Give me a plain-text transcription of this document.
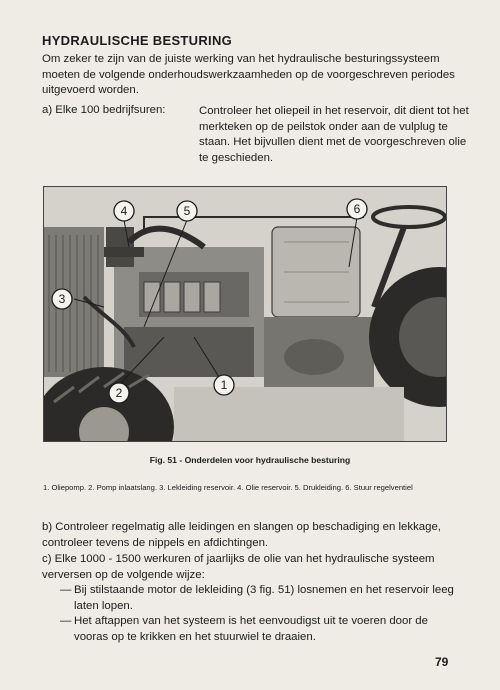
HYDRAULISCHE BESTURING
Om zeker te zijn van de juiste werking van het hydraulische besturingssysteem moeten de volgende onderhoudswerkzaamheden op de voorgeschreven periodes uitgevoerd worden.
a) Elke 100 bedrijfsuren:	Controleer het oliepeil in het reservoir, dit dient tot het merkteken op de peilstok onder aan de vulplug te staan. Het bijvullen dient met de voorgeschreven olie te geschieden.
1
2
3
4	5	6
Fig. 51 - Onderdelen voor hydraulische besturing
1. Oliepomp. 2. Pomp inlaatslang. 3. Lekleiding reservoir. 4. Olie reservoir. 5. Drukleiding. 6. Stuur regelventiel
b) Controleer regelmatig alle leidingen en slangen op beschadiging en lekkage, controleer tevens de nippels en afdichtingen.
c) Elke 1000 - 1500 werkuren of jaarlijks de olie van het hydraulische systeem verversen op de volgende wijze:
— Bij stilstaande motor de lekleiding (3 fig. 51) losnemen en het reservoir leeg laten lopen.
— Het aftappen van het systeem is het eenvoudigst uit te voeren door de vooras op te krikken en het stuurwiel te draaien.
79
